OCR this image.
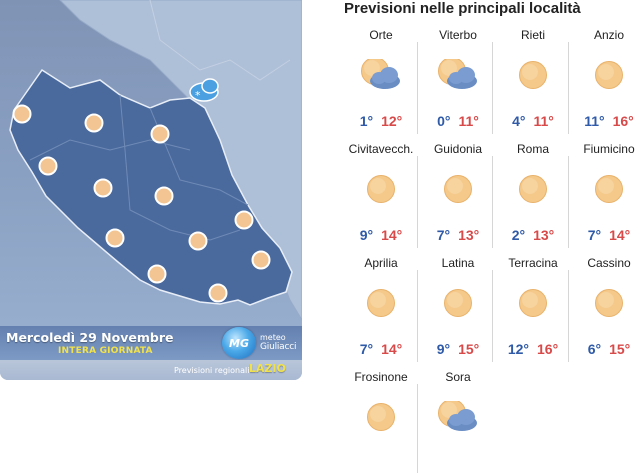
*
Mercoledì 29 Novembre
INTERA GIORNATA
MG meteo
Giuliacci
Previsioni regionali LAZIO
Previsioni nelle principali località
Orte
1° 12°
Viterbo
0° 11°
Rieti
4° 11°
Anzio
11° 16°
Civitavecch.
9° 14°
Guidonia
7° 13°
Roma
2° 13°
Fiumicino
7° 14°
Aprilia
7° 14°
Latina
9° 15°
Terracina
12° 16°
Cassino
6° 15°
Frosinone	Sora
